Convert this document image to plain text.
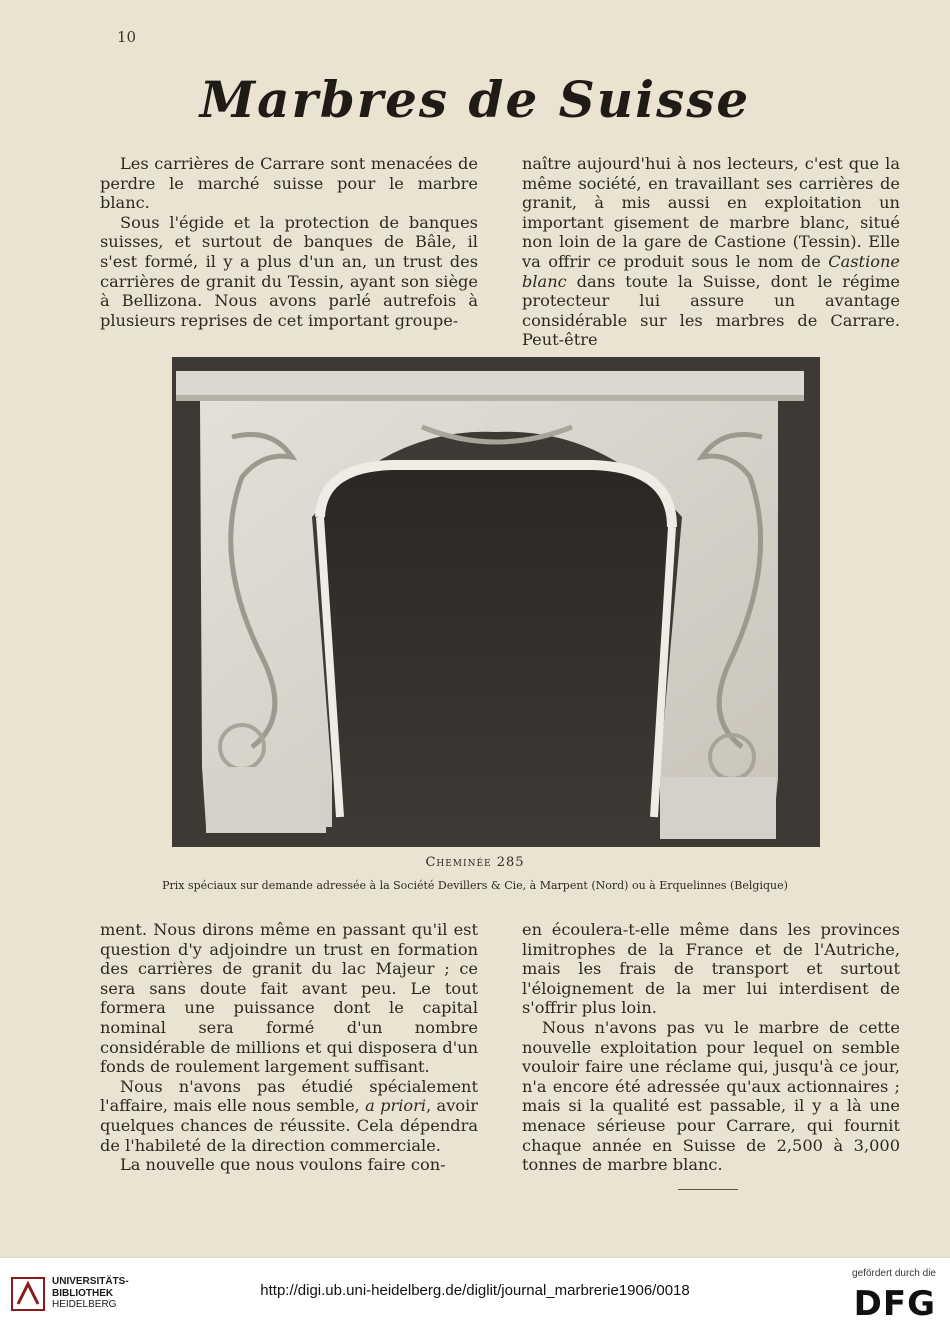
10
Marbres de Suisse

Les carrières de Carrare sont menacées de perdre le marché suisse pour le marbre blanc.

Sous l'égide et la protection de banques suisses, et surtout de banques de Bâle, il s'est formé, il y a plus d'un an, un trust des carrières de granit du Tessin, ayant son siège à Bellizona. Nous avons parlé autrefois à plusieurs reprises de cet important groupe-

naître aujourd'hui à nos lecteurs, c'est que la même société, en travaillant ses carrières de granit, à mis aussi en exploitation un important gisement de marbre blanc, situé non loin de la gare de Castione (Tessin). Elle va offrir ce produit sous le nom de Castione blanc dans toute la Suisse, dont le régime protecteur lui assure un avantage considérable sur les marbres de Carrare. Peut-être

Cheminée 285
Prix spéciaux sur demande adressée à la Société Devillers & Cie, à Marpent (Nord) ou à Erquelinnes (Belgique)

ment. Nous dirons même en passant qu'il est question d'y adjoindre un trust en formation des carrières de granit du lac Majeur ; ce sera sans doute fait avant peu. Le tout formera une puissance dont le capital nominal sera formé d'un nombre considérable de millions et qui disposera d'un fonds de roulement largement suffisant.

Nous n'avons pas étudié spécialement l'affaire, mais elle nous semble, a priori, avoir quelques chances de réussite. Cela dépendra de l'habileté de la direction commerciale.

La nouvelle que nous voulons faire con-

en écoulera-t-elle même dans les provinces limitrophes de la France et de l'Autriche, mais les frais de transport et surtout l'éloignement de la mer lui interdisent de s'offrir plus loin.

Nous n'avons pas vu le marbre de cette nouvelle exploitation pour lequel on semble vouloir faire une réclame qui, jusqu'à ce jour, n'a encore été adressée qu'aux actionnaires ; mais si la qualité est passable, il y a là une menace sérieuse pour Carrare, qui fournit chaque année en Suisse de 2,500 à 3,000 tonnes de marbre blanc.

UNIVERSITÄTS-
BIBLIOTHEK
HEIDELBERG
http://digi.ub.uni-heidelberg.de/diglit/journal_marbrerie1906/0018
gefördert durch die
DFG
